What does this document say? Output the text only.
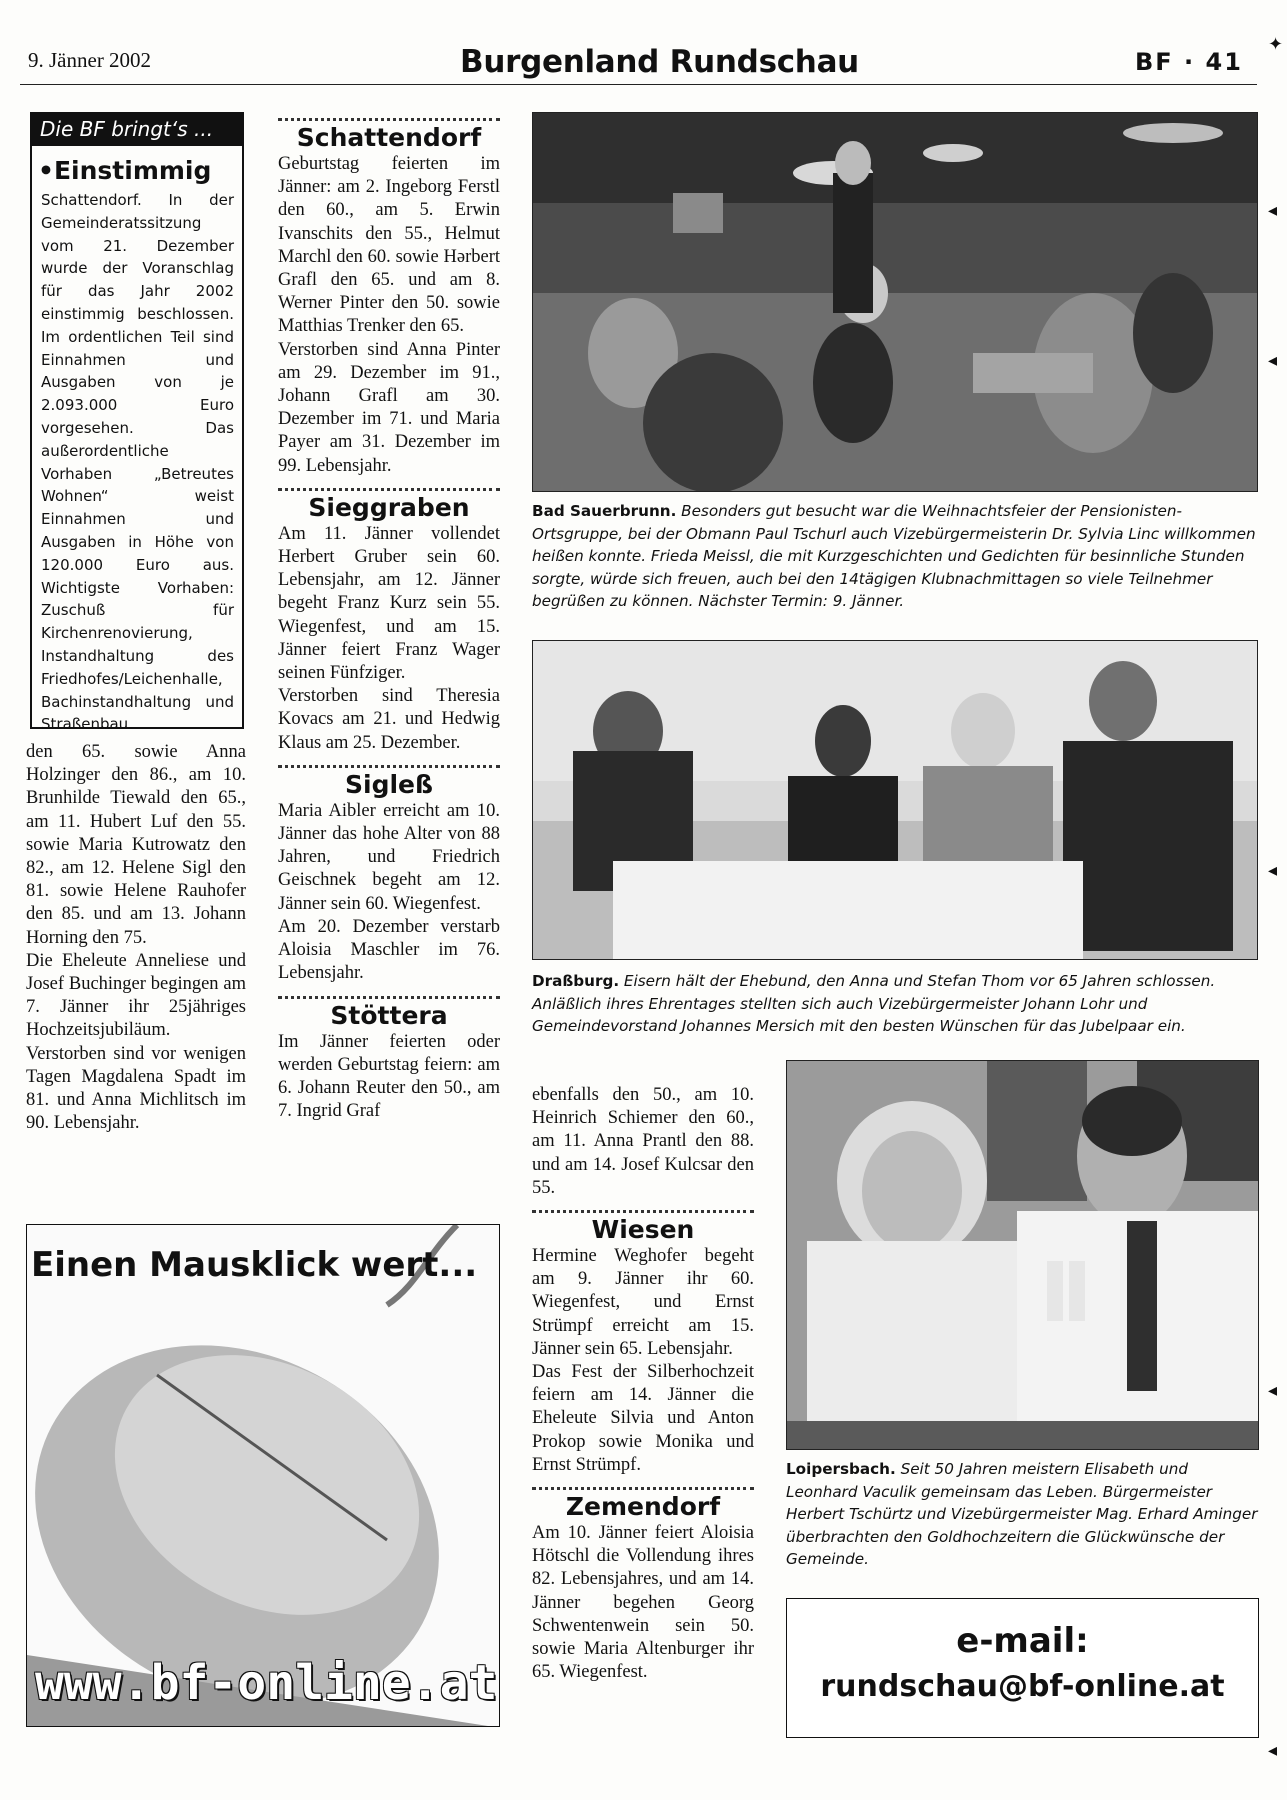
9. Jänner 2002	Burgenland Rundschau	BF · 41
✦
Die BF bringt‘s ...
•Einstimmig

Schattendorf. In der Gemeinderatssitzung vom 21. Dezember wurde der Voranschlag für das Jahr 2002 einstimmig beschlossen. Im ordentlichen Teil sind Einnahmen und Ausgaben von je 2.093.000 Euro vorgesehen. Das außerordentliche Vorhaben „Betreutes Wohnen“ weist Einnahmen und Ausgaben in Höhe von 120.000 Euro aus. Wichtigste Vorhaben: Zuschuß für Kirchenrenovierung, Instandhaltung des Friedhofes/Leichenhalle, Bachinstandhaltung und Straßenbau.

den 65. sowie Anna Holzinger den 86., am 10. Brunhilde Tiewald den 65., am 11. Hubert Luf den 55. sowie Maria Kutrowatz den 82., am 12. Helene Sigl den 81. sowie Helene Rauhofer den 85. und am 13. Johann Horning den 75.

Die Eheleute Anneliese und Josef Buchinger begingen am 7. Jänner ihr 25jähriges Hochzeitsjubiläum.

Verstorben sind vor wenigen Tagen Magdalena Spadt im 81. und Anna Michlitsch im 90. Lebensjahr.

Schattendorf

Geburtstag feierten im Jänner: am 2. Ingeborg Ferstl den 60., am 5. Erwin Ivanschits den 55., Helmut Marchl den 60. sowie Hәrbert Grafl den 65. und am 8. Werner Pinter den 50. sowie Matthias Trenker den 65.

Verstorben sind Anna Pinter am 29. Dezember im 91., Johann Grafl am 30. Dezember im 71. und Maria Payer am 31. Dezember im 99. Lebensjahr.

Sieggraben

Am 11. Jänner vollendet Herbert Gruber sein 60. Lebensjahr, am 12. Jänner begeht Franz Kurz sein 55. Wiegenfest, und am 15. Jänner feiert Franz Wager seinen Fünfziger.

Verstorben sind Theresia Kovacs am 21. und Hedwig Klaus am 25. Dezember.

Sigleß

Maria Aibler erreicht am 10. Jänner das hohe Alter von 88 Jahren, und Friedrich Geischnek begeht am 12. Jänner sein 60. Wiegenfest.

Am 20. Dezember verstarb Aloisia Maschler im 76. Lebensjahr.

Stöttera

Im Jänner feierten oder werden Geburtstag feiern: am 6. Johann Reuter den 50., am 7. Ingrid Graf

Bad Sauerbrunn. Besonders gut besucht war die Weihnachtsfeier der Pensionisten-Ortsgruppe, bei der Obmann Paul Tschurl auch Vizebürgermeisterin Dr. Sylvia Linc willkommen heißen konnte. Frieda Meissl, die mit Kurzgeschichten und Gedichten für besinnliche Stunden sorgte, würde sich freuen, auch bei den 14tägigen Klubnachmittagen so viele Teilnehmer begrüßen zu können. Nächster Termin: 9. Jänner.
Draßburg. Eisern hält der Ehebund, den Anna und Stefan Thom vor 65 Jahren schlossen. Anläßlich ihres Ehrentages stellten sich auch Vizebürgermeister Johann Lohr und Gemeindevorstand Johannes Mersich mit den besten Wünschen für das Jubelpaar ein.

ebenfalls den 50., am 10. Heinrich Schiemer den 60., am 11. Anna Prantl den 88. und am 14. Josef Kulcsar den 55.

Wiesen

Hermine Weghofer begeht am 9. Jänner ihr 60. Wiegenfest, und Ernst Strümpf erreicht am 15. Jänner sein 65. Lebensjahr.

Das Fest der Silberhochzeit feiern am 14. Jänner die Eheleute Silvia und Anton Prokop sowie Monika und Ernst Strümpf.

Zemendorf

Am 10. Jänner feiert Aloisia Hötschl die Vollendung ihres 82. Lebensjahres, und am 14. Jänner begehen Georg Schwentenwein sein 50. sowie Maria Altenburger ihr 65. Wiegenfest.

Loipersbach. Seit 50 Jahren meistern Elisabeth und Leonhard Vaculik gemeinsam das Leben. Bürgermeister Herbert Tschürtz und Vizebürgermeister Mag. Erhard Aminger überbrachten den Goldhochzeitern die Glückwünsche der Gemeinde.
Einen Mausklick wert...
www.bf-online.at
e-mail:
rundschau@bf-online.at
◂
◂
◂
◂
◂
